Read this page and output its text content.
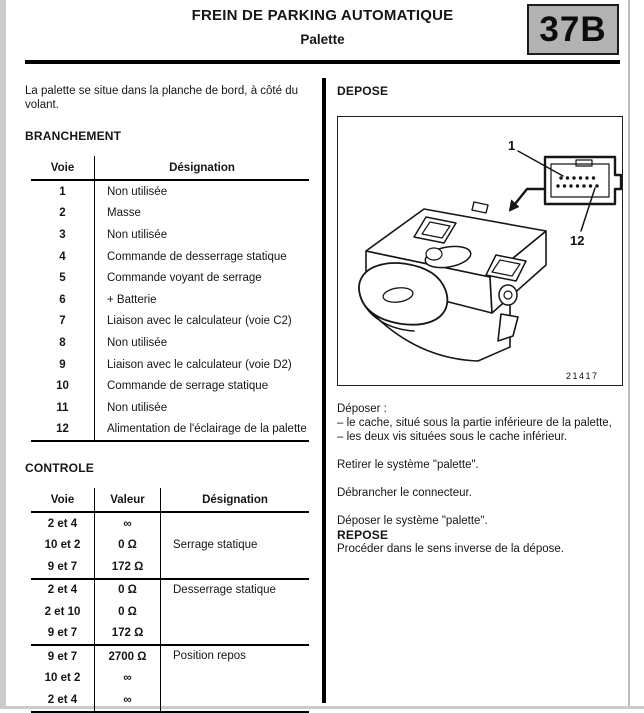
FREIN DE PARKING AUTOMATIQUE
Palette	37B
La palette se situe dans la planche de bord, à côté du volant.
BRANCHEMENT
Voie	Désignation
1	Non utilisée
2	Masse
3	Non utilisée
4	Commande de desserrage statique
5	Commande voyant de serrage
6	+ Batterie
7	Liaison avec le calculateur (voie C2)
8	Non utilisée
9	Liaison avec le calculateur (voie D2)
10	Commande de serrage statique
11	Non utilisée
12	Alimentation de l'éclairage de la palette
CONTROLE
Voie	Valeur	Désignation
2 et 4	∞
10 et 2	0 Ω
9 et 7	172 Ω
Serrage statique
2 et 4	0 Ω
2 et 10	0 Ω
9 et 7	172 Ω
Desserrage statique
9 et 7	2700 Ω
10 et 2	∞
2 et 4	∞
Position repos
DEPOSE
1
12
21417

Déposer :

– le cache, situé sous la partie inférieure de la palette,

– les deux vis situées sous le cache inférieur.

Retirer le système "palette".

Débrancher le connecteur.

Déposer le système "palette".

REPOSE

Procéder dans le sens inverse de la dépose.
